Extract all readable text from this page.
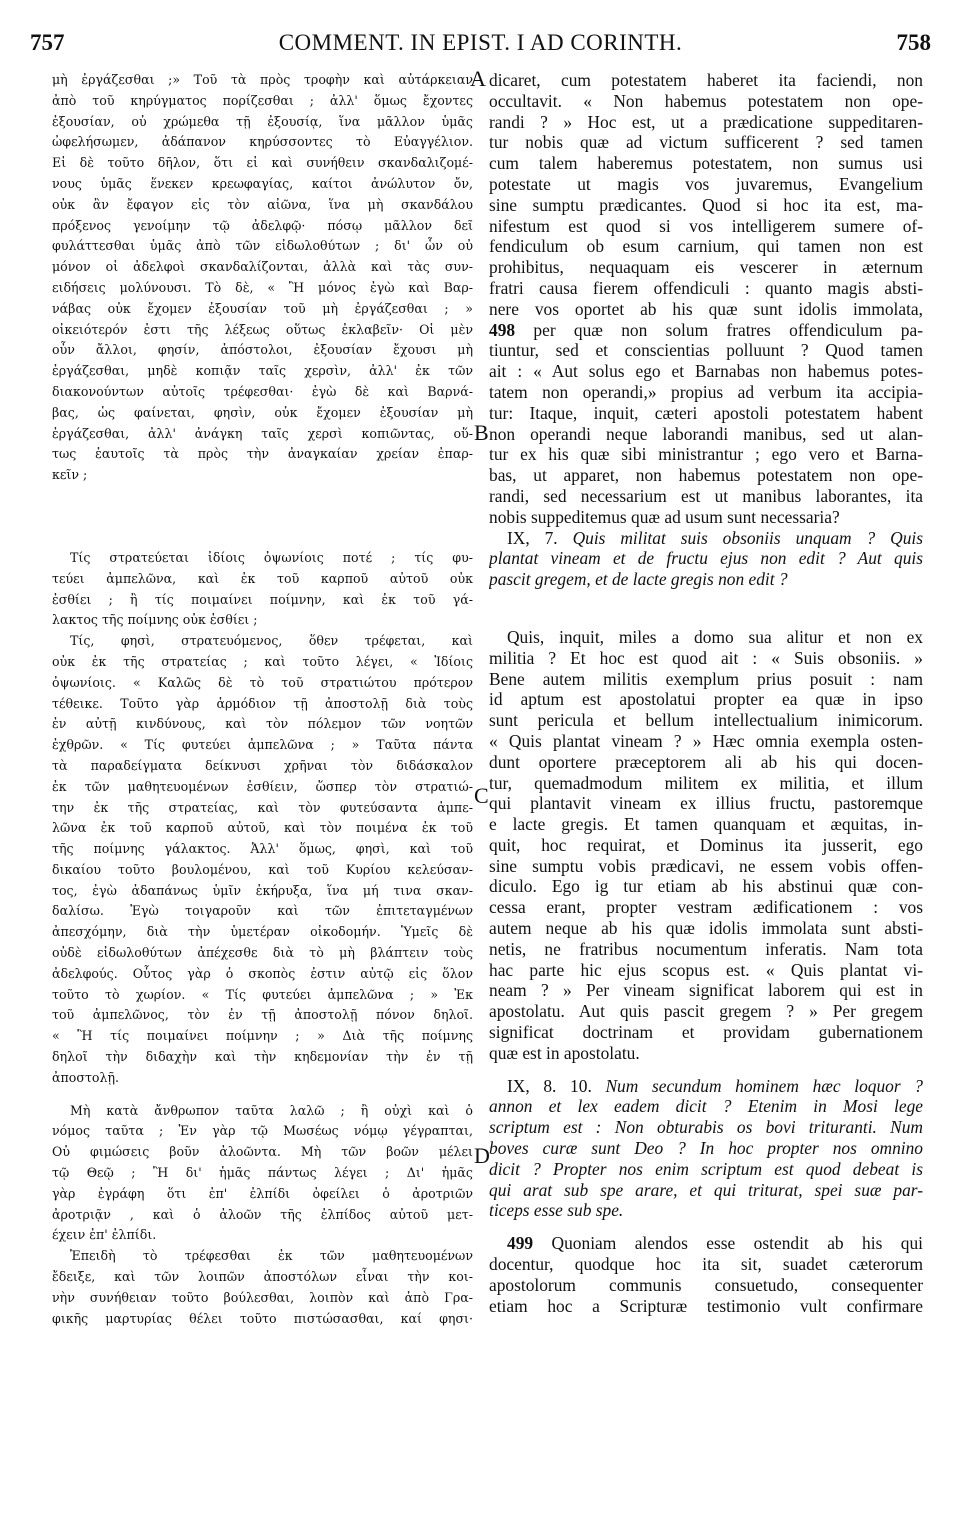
757	COMMENT. IN EPIST. I AD CORINTH.	758
A
B
C
D
μὴ ἐργάζεσθαι ;» Τοῦ τὰ πρὸς τροφὴν καὶ αὐτάρκειαν
ἀπὸ τοῦ κηρύγματος πορίζεσθαι ; ἀλλ' ὅμως ἔχοντες
ἐξουσίαν, οὐ χρώμεθα τῇ ἐξουσίᾳ, ἵνα μᾶλλον ὑμᾶς
ὠφελήσωμεν, ἀδάπανον κηρύσσοντες τὸ Εὐαγγέλιον.
Εἰ δὲ τοῦτο δῆλον, ὅτι εἰ καὶ συνήθειν σκανδαλιζομέ-
νους ὑμᾶς ἕνεκεν κρεωφαγίας, καίτοι ἀνώλυτον ὄν,
οὐκ ἂν ἔφαγον εἰς τὸν αἰῶνα, ἵνα μὴ σκανδάλου
πρόξενος γενοίμην τῷ ἀδελφῷ· πόσῳ μᾶλλον δεῖ
φυλάττεσθαι ὑμᾶς ἀπὸ τῶν εἰδωλοθύτων ; δι' ὧν οὐ
μόνον οἱ ἀδελφοὶ σκανδαλίζονται, ἀλλὰ καὶ τὰς συν-
ειδήσεις μολύνουσι. Τὸ δὲ, « Ἢ μόνος ἐγὼ καὶ Βαρ-
νάβας οὐκ ἔχομεν ἐξουσίαν τοῦ μὴ ἐργάζεσθαι ; »
οἰκειότερόν ἐστι τῆς λέξεως οὕτως ἐκλαβεῖν· Οἱ μὲν
οὖν ἄλλοι, φησίν, ἀπόστολοι, ἐξουσίαν ἔχουσι μὴ
ἐργάζεσθαι, μηδὲ κοπιᾷν ταῖς χερσὶν, ἀλλ' ἐκ τῶν
διακονούντων αὐτοῖς τρέφεσθαι· ἐγὼ δὲ καὶ Βαρνά-
βας, ὡς φαίνεται, φησὶν, οὐκ ἔχομεν ἐξουσίαν μὴ
ἐργάζεσθαι, ἀλλ' ἀνάγκη ταῖς χερσὶ κοπιῶντας, οὕ-
τως ἑαυτοῖς τὰ πρὸς τὴν ἀναγκαίαν χρείαν ἐπαρ-
κεῖν ;
Τίς στρατεύεται ἰδίοις ὀψωνίοις ποτέ ; τίς φυ-
τεύει ἀμπελῶνα, καὶ ἐκ τοῦ καρποῦ αὐτοῦ οὐκ
ἐσθίει ; ἢ τίς ποιμαίνει ποίμνην, καὶ ἐκ τοῦ γά-
λακτος τῆς ποίμνης οὐκ ἐσθίει ;
Τίς, φησὶ, στρατευόμενος, ὅθεν τρέφεται, καὶ
οὐκ ἐκ τῆς στρατείας ; καὶ τοῦτο λέγει, « Ἰδίοις
ὀψωνίοις. « Καλῶς δὲ τὸ τοῦ στρατιώτου πρότερον
τέθεικε. Τοῦτο γὰρ ἁρμόδιον τῇ ἀποστολῇ διὰ τοὺς
ἐν αὐτῇ κινδύνους, καὶ τὸν πόλεμον τῶν νοητῶν
ἐχθρῶν. « Τίς φυτεύει ἀμπελῶνα ; » Ταῦτα πάντα
τὰ παραδείγματα δείκνυσι χρῆναι τὸν διδάσκαλον
ἐκ τῶν μαθητευομένων ἐσθίειν, ὥσπερ τὸν στρατιώ-
την ἐκ τῆς στρατείας, καὶ τὸν φυτεύσαντα ἀμπε-
λῶνα ἐκ τοῦ καρποῦ αὐτοῦ, καὶ τὸν ποιμένα ἐκ τοῦ
τῆς ποίμνης γάλακτος. Ἀλλ' ὅμως, φησὶ, καὶ τοῦ
δικαίου τοῦτο βουλομένου, καὶ τοῦ Κυρίου κελεύσαν-
τος, ἐγὼ ἀδαπάνως ὑμῖν ἐκήρυξα, ἵνα μή τινα σκαν-
δαλίσω. Ἐγὼ τοιγαροῦν καὶ τῶν ἐπιτεταγμένων
ἀπεσχόμην, διὰ τὴν ὑμετέραν οἰκοδομήν. Ὑμεῖς δὲ
οὐδὲ εἰδωλοθύτων ἀπέχεσθε διὰ τὸ μὴ βλάπτειν τοὺς
ἀδελφούς. Οὗτος γὰρ ὁ σκοπὸς ἐστιν αὐτῷ εἰς ὅλον
τοῦτο τὸ χωρίον. « Τίς φυτεύει ἀμπελῶνα ; » Ἐκ
τοῦ ἀμπελῶνος, τὸν ἐν τῇ ἀποστολῇ πόνον δηλοῖ.
« Ἢ τίς ποιμαίνει ποίμνην ; » Διὰ τῆς ποίμνης
δηλοῖ τὴν διδαχὴν καὶ τὴν κηδεμονίαν τὴν ἐν τῇ
ἀποστολῇ.
Μὴ κατὰ ἄνθρωπον ταῦτα λαλῶ ; ἢ οὐχὶ καὶ ὁ
νόμος ταῦτα ; Ἐν γὰρ τῷ Μωσέως νόμῳ γέγραπται,
Οὐ φιμώσεις βοῦν ἀλοῶντα. Μὴ τῶν βοῶν μέλει
τῷ Θεῷ ; Ἢ δι' ἡμᾶς πάντως λέγει ; Δι' ἡμᾶς
γὰρ ἐγράφη ὅτι ἐπ' ἐλπίδι ὀφείλει ὁ ἀροτριῶν
ἀροτριᾷν , καὶ ὁ ἀλοῶν τῆς ἐλπίδος αὐτοῦ μετ-
έχειν ἐπ' ἐλπίδι.
Ἐπειδὴ τὸ τρέφεσθαι ἐκ τῶν μαθητευομένων
ἔδειξε, καὶ τῶν λοιπῶν ἀποστόλων εἶναι τὴν κοι-
νὴν συνήθειαν τοῦτο βούλεσθαι, λοιπὸν καὶ ἀπὸ Γρα-
φικῆς μαρτυρίας θέλει τοῦτο πιστώσασθαι, καί φησι·
dicaret, cum potestatem haberet ita faciendi, non
occultavit. « Non habemus potestatem non ope-
randi ? » Hoc est, ut a prædicatione suppeditaren-
tur nobis quæ ad victum sufficerent ? sed tamen
cum talem haberemus potestatem, non sumus usi
potestate ut magis vos juvaremus, Evangelium
sine sumptu prædicantes. Quod si hoc ita est, ma-
nifestum est quod si vos intelligerem sumere of-
fendiculum ob esum carnium, qui tamen non est
prohibitus, nequaquam eis vescerer in æternum
fratri causa fierem offendiculi : quanto magis absti-
nere vos oportet ab his quæ sunt idolis immolata,
498 per quæ non solum fratres offendiculum pa-
tiuntur, sed et conscientias polluunt ? Quod tamen
ait : « Aut solus ego et Barnabas non habemus potes-
tatem non operandi,» propius ad verbum ita accipia-
tur: Itaque, inquit, cæteri apostoli potestatem habent
non operandi neque laborandi manibus, sed ut alan-
tur ex his quæ sibi ministrantur ; ego vero et Barna-
bas, ut apparet, non habemus potestatem non ope-
randi, sed necessarium est ut manibus laborantes, ita
nobis suppeditemus quæ ad usum sunt necessaria?
IX, 7. Quis militat suis obsoniis unquam ? Quis
plantat vineam et de fructu ejus non edit ? Aut quis
pascit gregem, et de lacte gregis non edit ?
Quis, inquit, miles a domo sua alitur et non ex
militia ? Et hoc est quod ait : « Suis obsoniis. »
Bene autem militis exemplum prius posuit : nam
id aptum est apostolatui propter ea quæ in ipso
sunt pericula et bellum intellectualium inimicorum.
« Quis plantat vineam ? » Hæc omnia exempla osten-
dunt oportere præceptorem ali ab his qui docen-
tur, quemadmodum militem ex militia, et illum
qui plantavit vineam ex illius fructu, pastoremque
e lacte gregis. Et tamen quanquam et æquitas, in-
quit, hoc requirat, et Dominus ita jusserit, ego
sine sumptu vobis prædicavi, ne essem vobis offen-
diculo. Ego ig tur etiam ab his abstinui quæ con-
cessa erant, propter vestram ædificationem : vos
autem neque ab his quæ idolis immolata sunt absti-
netis, ne fratribus nocumentum inferatis. Nam tota
hac parte hic ejus scopus est. « Quis plantat vi-
neam ? » Per vineam significat laborem qui est in
apostolatu. Aut quis pascit gregem ? » Per gregem
significat doctrinam et providam gubernationem
quæ est in apostolatu.
IX, 8. 10. Num secundum hominem hæc loquor ?
annon et lex eadem dicit ? Etenim in Mosi lege
scriptum est : Non obturabis os bovi trituranti. Num
boves curæ sunt Deo ? In hoc propter nos omnino
dicit ? Propter nos enim scriptum est quod debeat is
qui arat sub spe arare, et qui triturat, spei suæ par-
ticeps esse sub spe.
499 Quoniam alendos esse ostendit ab his qui
docentur, quodque hoc ita sit, suadet cæterorum
apostolorum communis consuetudo, consequenter
etiam hoc a Scripturæ testimonio vult confirmare
